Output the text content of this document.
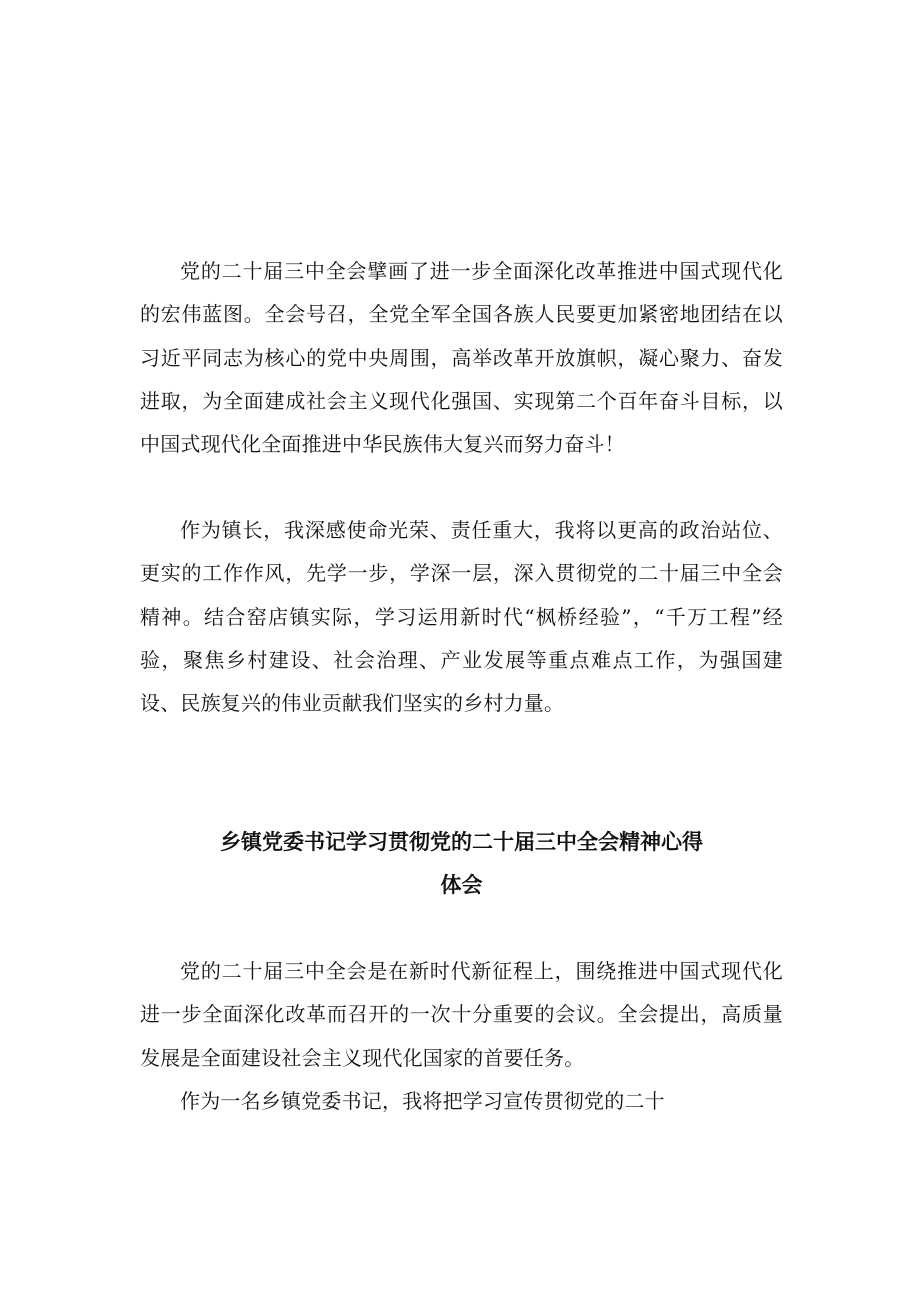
党的二十届三中全会擘画了进一步全面深化改革推进中国式现代化的宏伟蓝图。全会号召，全党全军全国各族人民要更加紧密地团结在以习近平同志为核心的党中央周围，高举改革开放旗帜，凝心聚力、奋发进取，为全面建成社会主义现代化强国、实现第二个百年奋斗目标，以中国式现代化全面推进中华民族伟大复兴而努力奋斗！

作为镇长，我深感使命光荣、责任重大，我将以更高的政治站位、更实的工作作风，先学一步，学深一层，深入贯彻党的二十届三中全会精神。结合窑店镇实际，学习运用新时代“枫桥经验”，“千万工程”经验，聚焦乡村建设、社会治理、产业发展等重点难点工作，为强国建设、民族复兴的伟业贡献我们坚实的乡村力量。

乡镇党委书记学习贯彻党的二十届三中全会精神心得
体会

党的二十届三中全会是在新时代新征程上，围绕推进中国式现代化进一步全面深化改革而召开的一次十分重要的会议。全会提出，高质量发展是全面建设社会主义现代化国家的首要任务。

作为一名乡镇党委书记，我将把学习宣传贯彻党的二十
